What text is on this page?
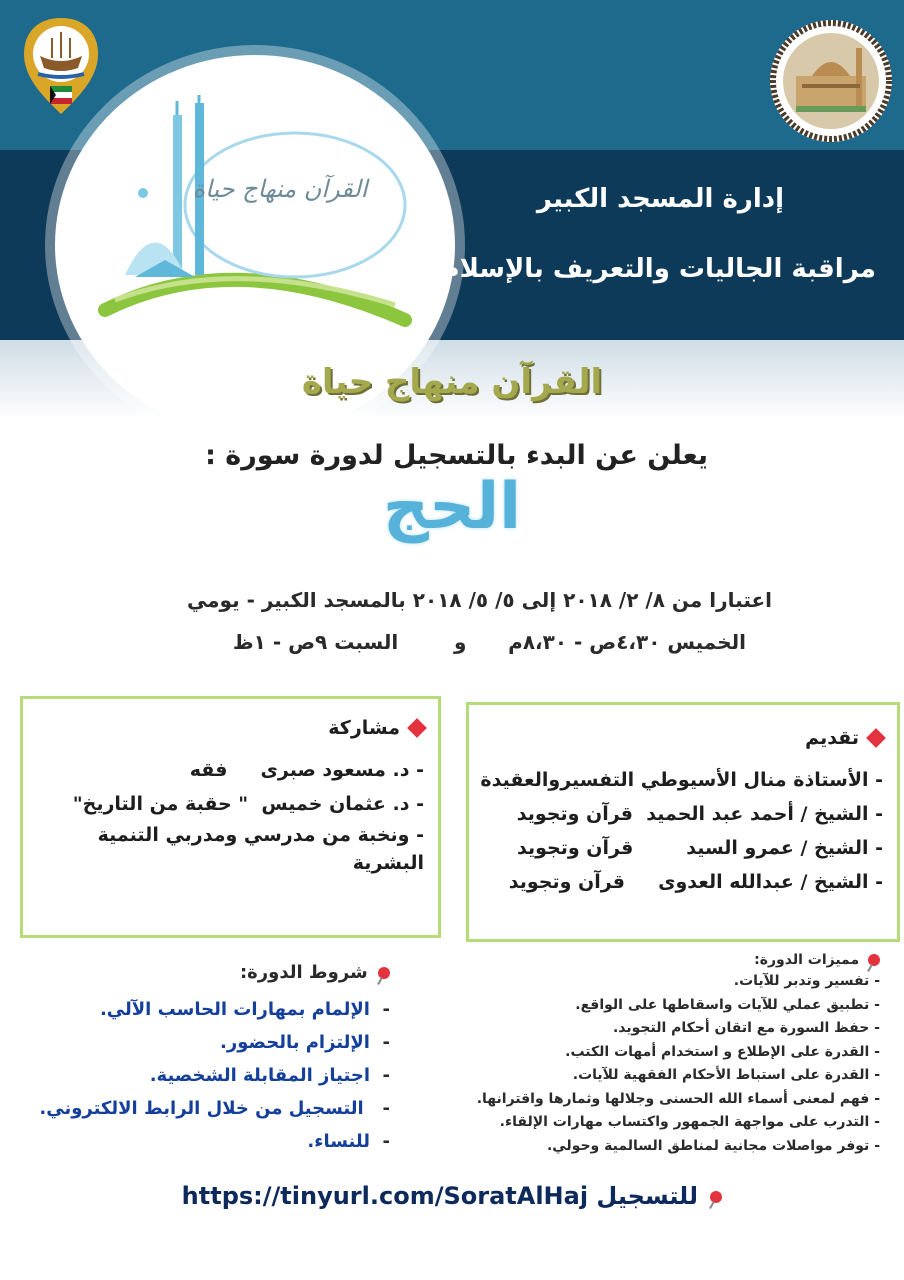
القرآن منهاج حياة	إدارة المسجد الكبير
مراقبة الجاليات والتعريف بالإسلام
القرآن منهاج حياة
يعلن عن البدء بالتسجيل لدورة سورة :
الحج
اعتبارا من ٨/ ٢/ ٢٠١٨ إلى ٥/ ٥/ ٢٠١٨ بالمسجد الكبير - يومي
الخميس ٤،٣٠ص - ٨،٣٠م      و        السبت ٩ص - ١ظ
تقديم
- الأستاذة منال الأسيوطي التفسيروالعقيدة
- الشيخ / أحمد عبد الحميد  قرآن وتجويد
- الشيخ / عمرو السيد        قرآن وتجويد
- الشيخ / عبدالله العدوى     قرآن وتجويد
مشاركة
- د. مسعود صبرى     فقه
- د. عثمان خميس  " حقبة من التاريخ"
- ونخبة من مدرسي ومدربي التنمية البشرية
مميزات الدورة:
- تفسير وتدبر للآيات.
- تطبيق عملي للآيات واسقاطها على الواقع.
- حفظ السورة مع اتقان أحكام التجويد.
- القدرة على الإطلاع و استخدام أمهات الكتب.
- القدرة على استباط الأحكام الفقهية للآيات.
- فهم لمعنى أسماء الله الحسنى وجلالها وثمارها واقترانها.
- التدرب على مواجهة الجمهور واكتساب مهارات الإلقاء.
- توفر مواصلات مجانية لمناطق السالمية وحولي.
شروط الدورة:
-  الإلمام بمهارات الحاسب الآلي.
-  الإلتزام بالحضور.
-  اجتياز المقابلة الشخصية.
-   التسجيل من خلال الرابط الالكتروني.
-  للنساء.
للتسجيل https://tinyurl.com/SoratAlHaj
